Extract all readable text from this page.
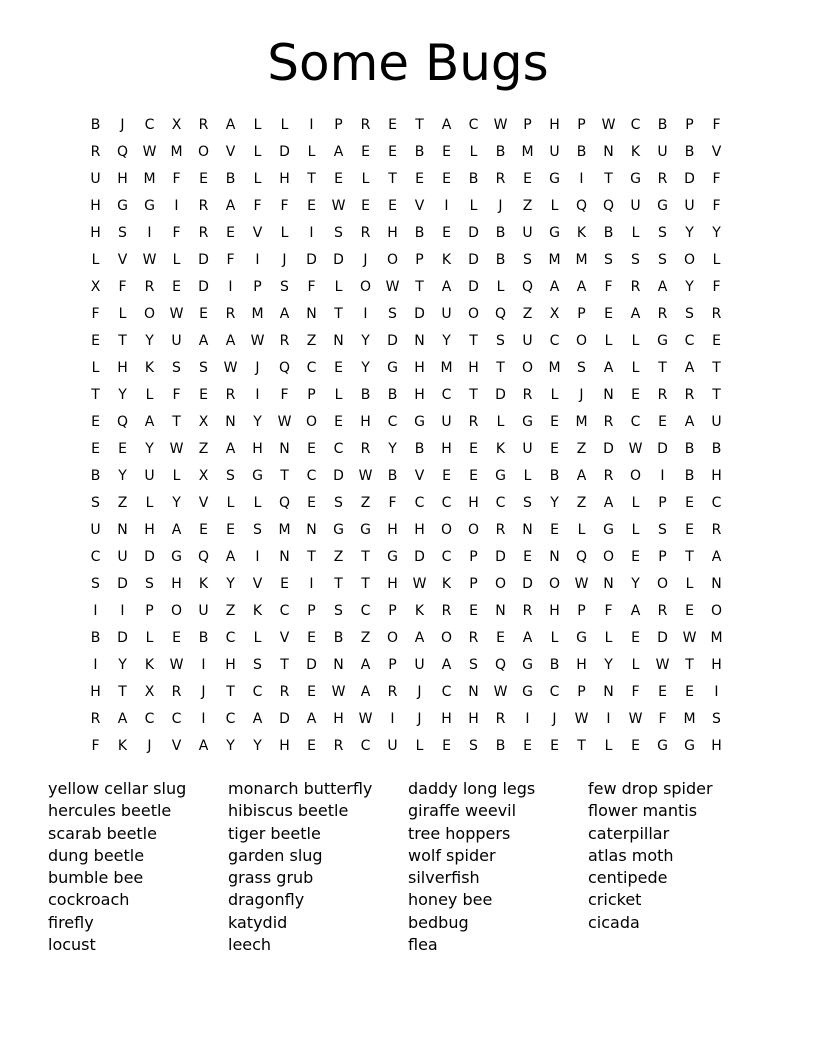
Some Bugs
B	J	C	X	R	A	L	L	I	P	R	E	T	A	C	W	P	H	P	W	C	B	P	F
R	Q	W	M	O	V	L	D	L	A	E	E	B	E	L	B	M	U	B	N	K	U	B	V
U	H	M	F	E	B	L	H	T	E	L	T	E	E	B	R	E	G	I	T	G	R	D	F
H	G	G	I	R	A	F	F	E	W	E	E	V	I	L	J	Z	L	Q	Q	U	G	U	F
H	S	I	F	R	E	V	L	I	S	R	H	B	E	D	B	U	G	K	B	L	S	Y	Y
L	V	W	L	D	F	I	J	D	D	J	O	P	K	D	B	S	M	M	S	S	S	O	L
X	F	R	E	D	I	P	S	F	L	O	W	T	A	D	L	Q	A	A	F	R	A	Y	F
F	L	O	W	E	R	M	A	N	T	I	S	D	U	O	Q	Z	X	P	E	A	R	S	R
E	T	Y	U	A	A	W	R	Z	N	Y	D	N	Y	T	S	U	C	O	L	L	G	C	E
L	H	K	S	S	W	J	Q	C	E	Y	G	H	M	H	T	O	M	S	A	L	T	A	T
T	Y	L	F	E	R	I	F	P	L	B	B	H	C	T	D	R	L	J	N	E	R	R	T
E	Q	A	T	X	N	Y	W	O	E	H	C	G	U	R	L	G	E	M	R	C	E	A	U
E	E	Y	W	Z	A	H	N	E	C	R	Y	B	H	E	K	U	E	Z	D	W	D	B	B
B	Y	U	L	X	S	G	T	C	D	W	B	V	E	E	G	L	B	A	R	O	I	B	H
S	Z	L	Y	V	L	L	Q	E	S	Z	F	C	C	H	C	S	Y	Z	A	L	P	E	C
U	N	H	A	E	E	S	M	N	G	G	H	H	O	O	R	N	E	L	G	L	S	E	R
C	U	D	G	Q	A	I	N	T	Z	T	G	D	C	P	D	E	N	Q	O	E	P	T	A
S	D	S	H	K	Y	V	E	I	T	T	H	W	K	P	O	D	O	W	N	Y	O	L	N
I	I	P	O	U	Z	K	C	P	S	C	P	K	R	E	N	R	H	P	F	A	R	E	O
B	D	L	E	B	C	L	V	E	B	Z	O	A	O	R	E	A	L	G	L	E	D	W	M
I	Y	K	W	I	H	S	T	D	N	A	P	U	A	S	Q	G	B	H	Y	L	W	T	H
H	T	X	R	J	T	C	R	E	W	A	R	J	C	N	W	G	C	P	N	F	E	E	I
R	A	C	C	I	C	A	D	A	H	W	I	J	H	H	R	I	J	W	I	W	F	M	S
F	K	J	V	A	Y	Y	H	E	R	C	U	L	E	S	B	E	E	T	L	E	G	G	H
yellow cellar slug
hercules beetle
scarab beetle
dung beetle
bumble bee
cockroach
firefly
locust
monarch butterfly
hibiscus beetle
tiger beetle
garden slug
grass grub
dragonfly
katydid
leech
daddy long legs
giraffe weevil
tree hoppers
wolf spider
silverfish
honey bee
bedbug
flea
few drop spider
flower mantis
caterpillar
atlas moth
centipede
cricket
cicada
